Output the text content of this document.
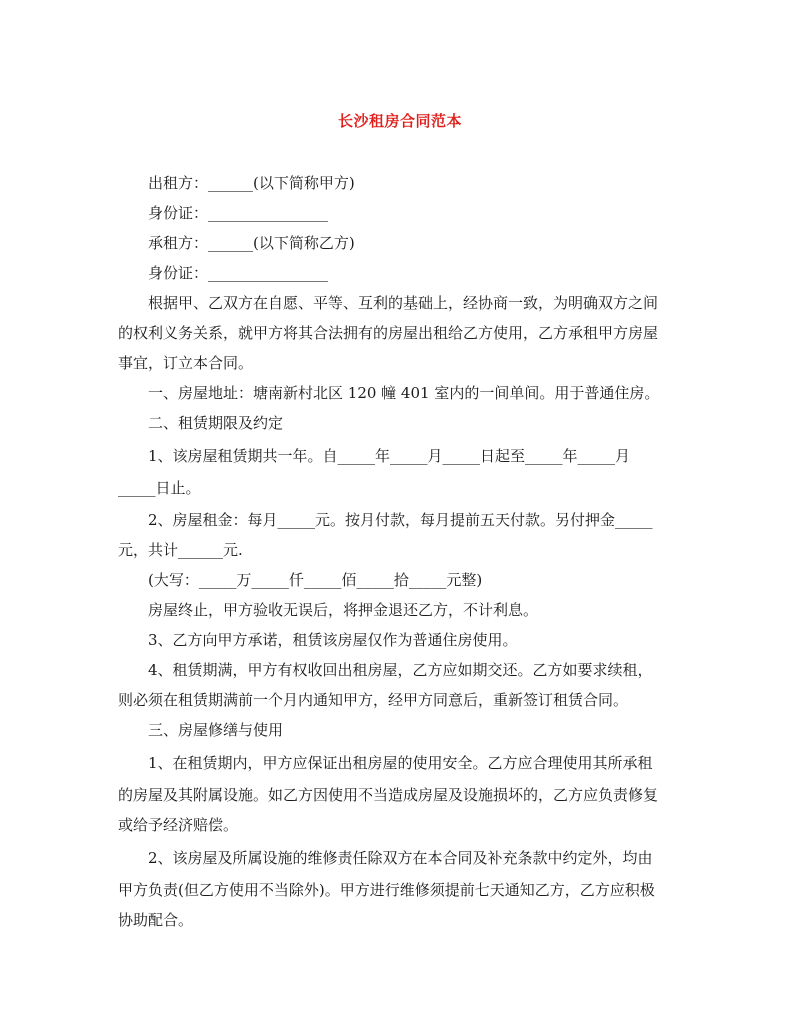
长沙租房合同范本
出租方：______(以下简称甲方)
身份证：________________
承租方：______(以下简称乙方)
身份证：________________
根据甲、乙双方在自愿、平等、互利的基础上，经协商一致，为明确双方之间
的权利义务关系，就甲方将其合法拥有的房屋出租给乙方使用，乙方承租甲方房屋
事宜，订立本合同。
一、房屋地址：塘南新村北区 120 幢 401 室内的一间单间。用于普通住房。
二、租赁期限及约定
1、该房屋租赁期共一年。自_____年_____月_____日起至_____年_____月
_____日止。
2、房屋租金：每月_____元。按月付款，每月提前五天付款。另付押金_____
元，共计______元.
(大写：_____万_____仟_____佰_____拾_____元整)
房屋终止，甲方验收无误后，将押金退还乙方，不计利息。
3、乙方向甲方承诺，租赁该房屋仅作为普通住房使用。
4、租赁期满，甲方有权收回出租房屋，乙方应如期交还。乙方如要求续租，
则必须在租赁期满前一个月内通知甲方，经甲方同意后，重新签订租赁合同。
三、房屋修缮与使用
1、在租赁期内，甲方应保证出租房屋的使用安全。乙方应合理使用其所承租
的房屋及其附属设施。如乙方因使用不当造成房屋及设施损坏的，乙方应负责修复
或给予经济赔偿。
2、该房屋及所属设施的维修责任除双方在本合同及补充条款中约定外，均由
甲方负责(但乙方使用不当除外)。甲方进行维修须提前七天通知乙方，乙方应积极
协助配合。
